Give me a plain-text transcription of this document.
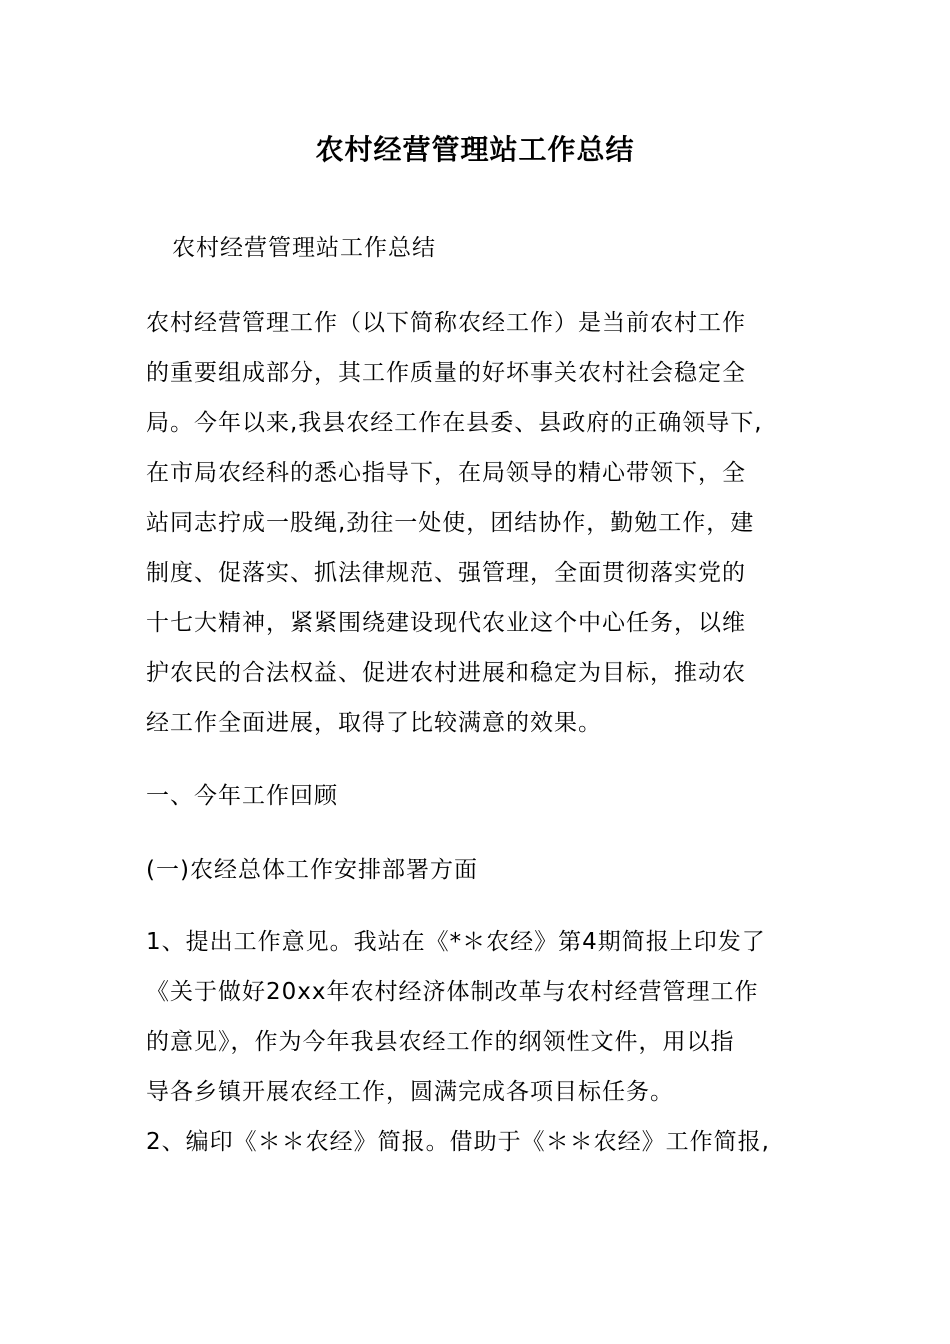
农村经营管理站工作总结
农村经营管理站工作总结
农村经营管理工作（以下简称农经工作）是当前农村工作
的重要组成部分，其工作质量的好坏事关农村社会稳定全
局。今年以来,我县农经工作在县委、县政府的正确领导下,
在市局农经科的悉心指导下，在局领导的精心带领下，全
站同志拧成一股绳,劲往一处使，团结协作，勤勉工作，建
制度、促落实、抓法律规范、强管理，全面贯彻落实党的
十七大精神，紧紧围绕建设现代农业这个中心任务，以维
护农民的合法权益、促进农村进展和稳定为目标，推动农
经工作全面进展，取得了比较满意的效果。
一、今年工作回顾
(一)农经总体工作安排部署方面
1、提出工作意见。我站在《*＊农经》第4期简报上印发了
《关于做好20xx年农村经济体制改革与农村经营管理工作
的意见》，作为今年我县农经工作的纲领性文件，用以指
导各乡镇开展农经工作，圆满完成各项目标任务。
2、编印《＊＊农经》简报。借助于《＊＊农经》工作简报,
